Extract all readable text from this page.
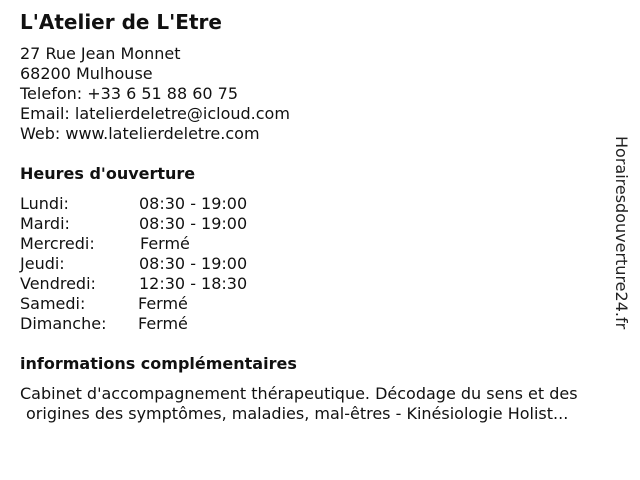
L'Atelier de L'Etre
27 Rue Jean Monnet
68200 Mulhouse
Telefon: +33 6 51 88 60 75
Email: latelierdeletre@icloud.com
Web: www.latelierdeletre.com
Heures d'ouverture
Lundi:	08:30 - 19:00
Mardi:	08:30 - 19:00
Mercredi:	Fermé
Jeudi:	08:30 - 19:00
Vendredi:	12:30 - 18:30
Samedi:	Fermé
Dimanche: Fermé
informations complémentaires
Cabinet d'accompagnement thérapeutique. Décodage du sens et des
origines des symptômes, maladies, mal-êtres - Kinésiologie Holist...
Horairesdouverture24.fr
